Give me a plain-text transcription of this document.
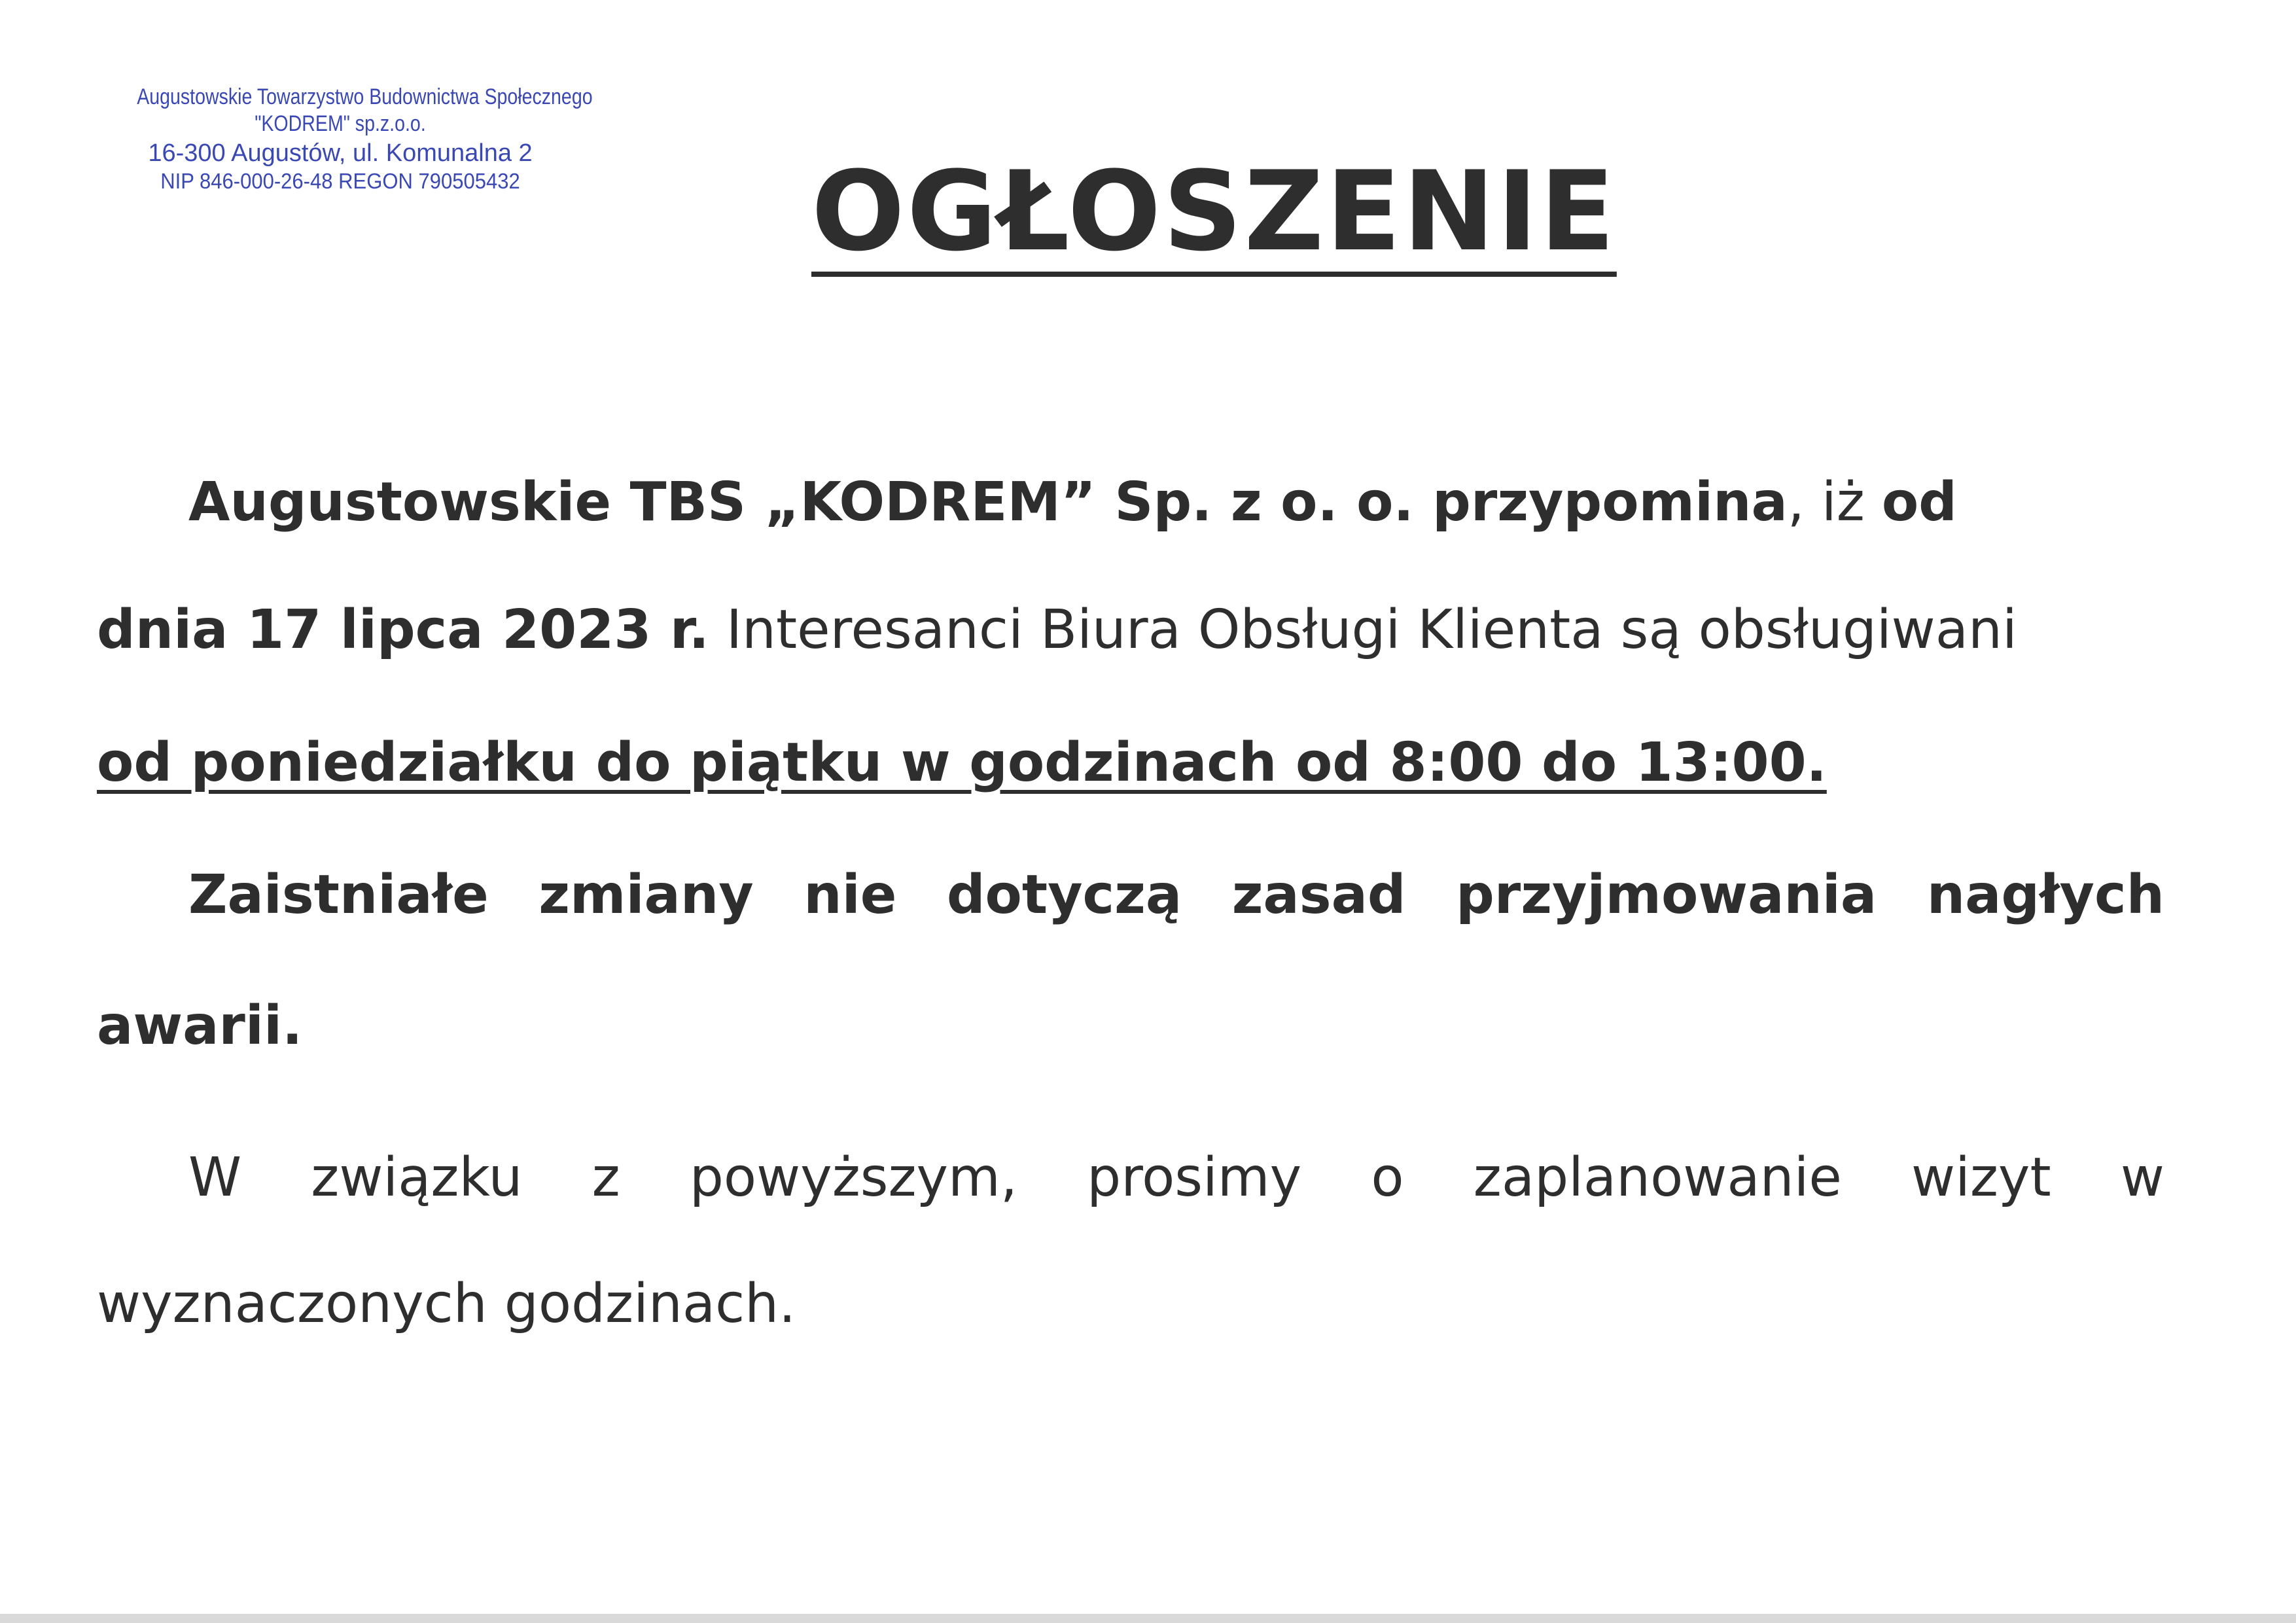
Augustowskie Towarzystwo Budownictwa Społecznego
"KODREM" sp.z.o.o.
16-300 Augustów, ul. Komunalna 2
NIP 846-000-26-48 REGON 790505432	OGŁOSZENIE
Augustowskie TBS „KODREM” Sp. z o. o. przypomina, iż od
dnia 17 lipca 2023 r. Interesanci Biura Obsługi Klienta są obsługiwani
od poniedziałku do piątku w godzinach od 8:00 do 13:00.
Zaistniałe zmiany nie dotyczą zasad przyjmowania nagłych
awarii.
W związku z powyższym, prosimy o zaplanowanie wizyt w
wyznaczonych godzinach.
